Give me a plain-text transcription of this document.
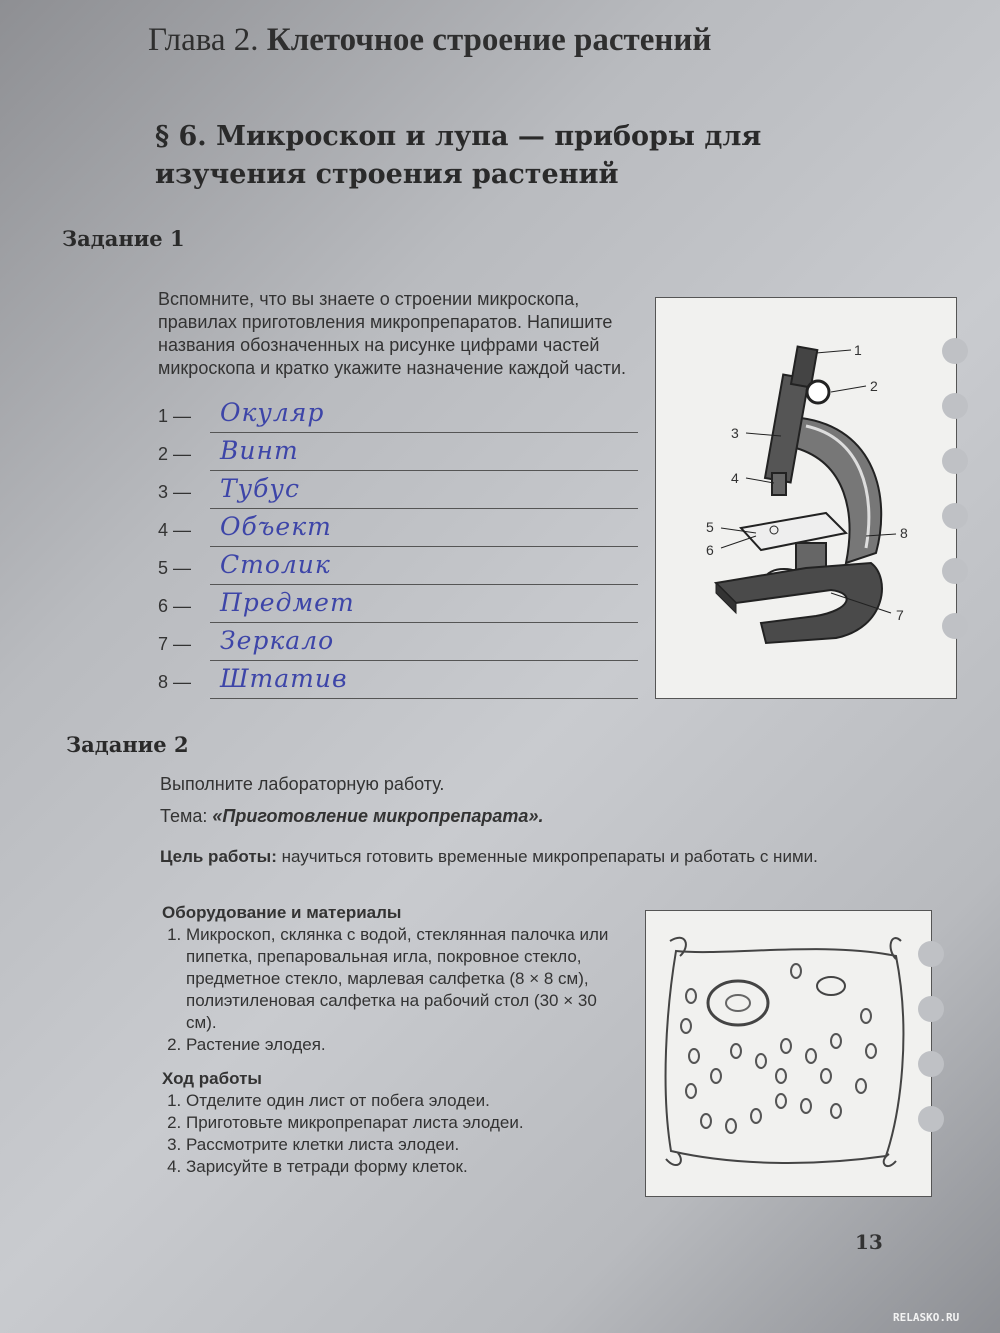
Глава 2. Клеточное строение растений
§ 6. Микроскоп и лупа — приборы для изучения строения растений
Задание 1
Вспомните, что вы знаете о строении микроскопа, правилах приготовления микропрепаратов. Напишите названия обозначенных на рисунке цифрами частей микроскопа и кратко укажите назначение каждой части.
1 — Окуляр
2 — Винт
3 — Тубус
4 — Объект
5 — Столик
6 — Предмет
7 — Зеркало
8 — Штатив
1
2
3
4
5
6
7
8
Задание 2
Выполните лабораторную работу.
Тема: «Приготовление микропрепарата».
Цель работы: научиться готовить временные микропрепараты и работать с ними.
Оборудование и материалы
1. Микроскоп, склянка с водой, стеклянная палочка или пипетка, препаровальная игла, покровное стекло, предметное стекло, марлевая салфетка (8 × 8 см), полиэтиленовая салфетка на рабочий стол (30 × 30 см).
2. Растение элодея.
Ход работы
1. Отделите один лист от побега элодеи.
2. Приготовьте микропрепарат листа элодеи.
3. Рассмотрите клетки листа элодеи.
4. Зарисуйте в тетради форму клеток.
13
RELASKO.RU
